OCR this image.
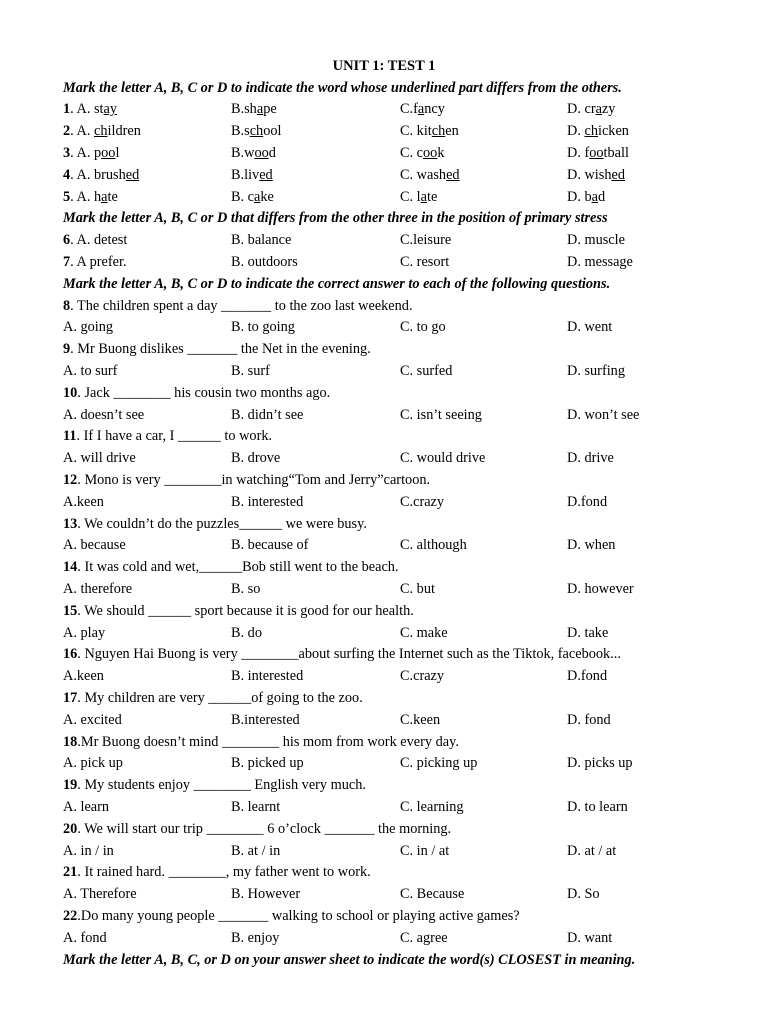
UNIT 1: TEST 1
Mark the letter A, B, C or D to indicate the word whose underlined part differs from the others.
1. A. stay	B.shape	C.fancy	D. crazy
2. A. children	B.school	C. kitchen	D. chicken
3. A. pool	B.wood	C. cook	D. football
4. A. brushed	B.lived	C. washed	D. wished
5. A. hate	B. cake	C. late	D. bad
Mark the letter A, B, C or D that differs from the other three in the position of primary stress
6. A. detest	B. balance	C.leisure	D. muscle
7. A prefer.	B. outdoors	C. resort	D. message
Mark the letter A, B, C or D to indicate the correct answer to each of the following questions.
8. The children spent a day _______ to the zoo last weekend.
A. going	B. to going	C. to go	D. went
9. Mr Buong dislikes _______ the Net in the evening.
A. to surf	B. surf	C. surfed	D. surfing
10. Jack ________ his cousin two months ago.
A. doesn’t see	B. didn’t see	C. isn’t seeing	D. won’t see
11. If I have a car, I ______ to work.
A. will drive	B. drove	C. would drive	D. drive
12. Mono is very ________in watching“Tom and Jerry”cartoon.
A.keen	B. interested	C.crazy	D.fond
13. We couldn’t do the puzzles______ we were busy.
A. because	B. because of	C. although	D. when
14. It was cold and wet,______Bob still went to the beach.
A. therefore	B. so	C. but	D. however
15. We should ______ sport because it is good for our health.
A. play	B. do	C. make	D. take
16. Nguyen Hai Buong is very ________about surfing the Internet such as the Tiktok, facebook...
A.keen	B. interested	C.crazy	D.fond
17. My children are very ______of going to the zoo.
A. excited	B.interested	C.keen	D. fond
18.Mr Buong doesn’t mind ________ his mom from work every day.
A. pick up	B. picked up	C. picking up	D. picks up
19. My students enjoy ________ English very much.
A. learn	B. learnt	C. learning	D. to learn
20. We will start our trip ________ 6 o’clock _______ the morning.
A. in / in	B. at / in	C. in / at	D. at / at
21. It rained hard. ________, my father went to work.
A. Therefore	B. However	C. Because	D. So
22.Do many young people _______ walking to school or playing active games?
A. fond	B. enjoy	C. agree	D. want
Mark the letter A, B, C, or D on your answer sheet to indicate the word(s) CLOSEST in meaning.
